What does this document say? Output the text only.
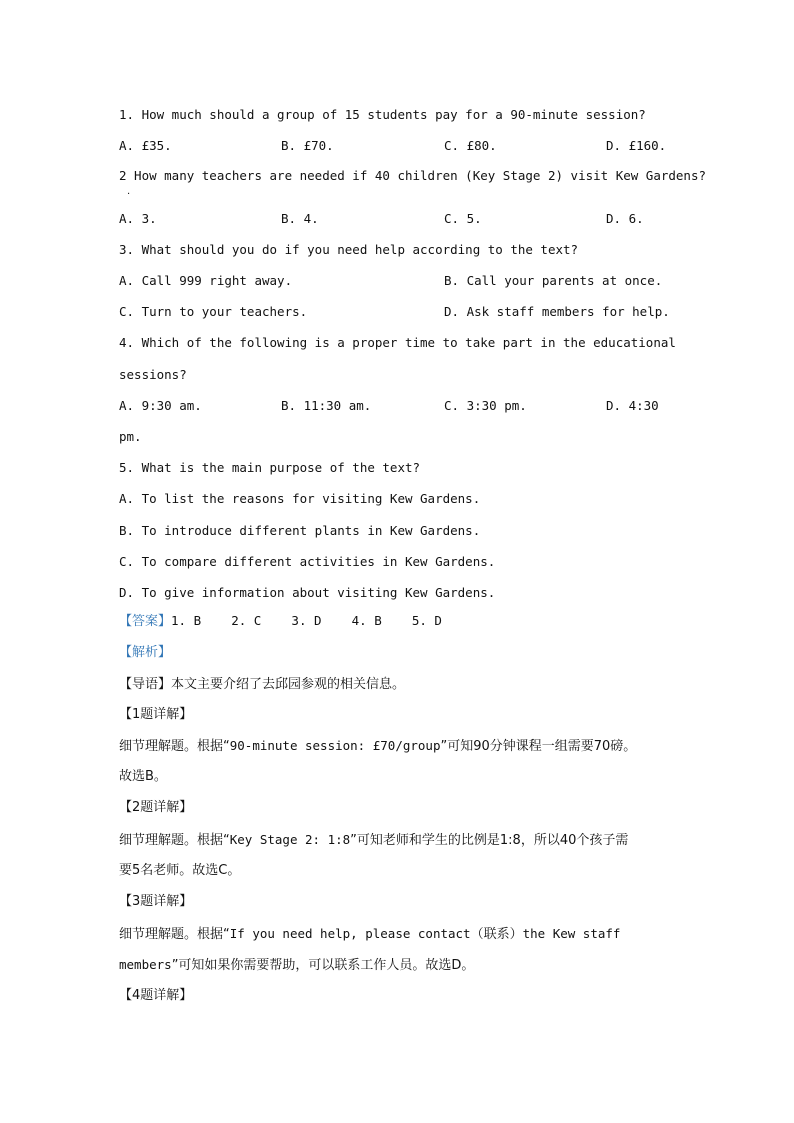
1. How much should a group of 15 students pay for a 90-minute session?
A. £35.	B. £70.	C. £80.	D. £160.
2 How many teachers are needed if 40 children (Key Stage 2) visit Kew Gardens?
·
A. 3.	B. 4.	C. 5.	D. 6.
3. What should you do if you need help according to the text?
A. Call 999 right away.	B. Call your parents at once.
C. Turn to your teachers.	D. Ask staff members for help.
4. Which of the following is a proper time to take part in the educational
sessions?
A. 9:30 am.	B. 11:30 am.	C. 3:30 pm.	D. 4:30
pm.
5. What is the main purpose of the text?
A. To list the reasons for visiting Kew Gardens.
B. To introduce different plants in Kew Gardens.
C. To compare different activities in Kew Gardens.
D. To give information about visiting Kew Gardens.
【答案】1. B    2. C    3. D    4. B    5. D
【解析】
【导语】本文主要介绍了去邱园参观的相关信息。
【1题详解】
细节理解题。根据“90-minute session: £70/group”可知90分钟课程一组需要70磅。
故选B。
【2题详解】
细节理解题。根据“Key Stage 2: 1:8”可知老师和学生的比例是1:8，所以40个孩子需
要5名老师。故选C。
【3题详解】
细节理解题。根据“If you need help, please contact（联系）the Kew staff
members”可知如果你需要帮助，可以联系工作人员。故选D。
【4题详解】
